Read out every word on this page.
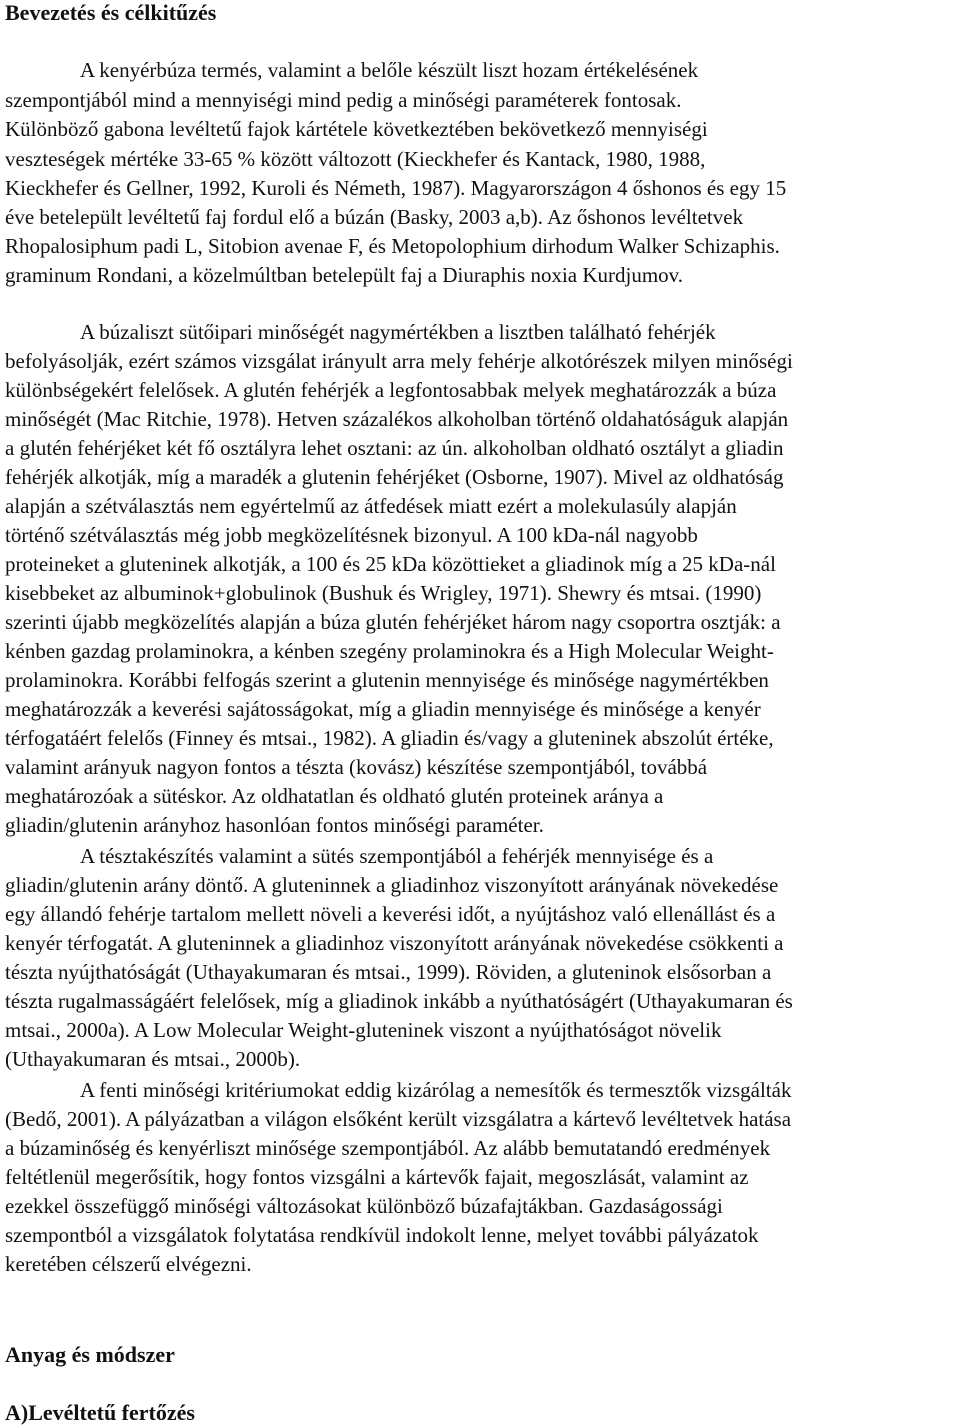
Bevezetés és célkitűzés
A kenyérbúza termés, valamint a belőle készült liszt hozam értékelésének
szempontjából mind a mennyiségi mind pedig a minőségi paraméterek fontosak.
Különböző gabona levéltetű fajok kártétele következtében bekövetkező mennyiségi
veszteségek mértéke 33-65 % között változott (Kieckhefer és Kantack, 1980, 1988,
Kieckhefer és Gellner, 1992, Kuroli és Németh, 1987). Magyarországon 4 őshonos és egy 15
éve betelepült levéltetű faj fordul elő a búzán (Basky, 2003 a,b). Az őshonos levéltetvek
Rhopalosiphum padi L, Sitobion avenae F, és Metopolophium dirhodum Walker Schizaphis.
graminum Rondani, a közelmúltban betelepült faj a Diuraphis noxia Kurdjumov.
A búzaliszt sütőipari minőségét nagymértékben a lisztben található fehérjék
befolyásolják, ezért számos vizsgálat irányult arra mely fehérje alkotórészek milyen minőségi
különbségekért felelősek. A glutén fehérjék a legfontosabbak melyek meghatározzák a búza
minőségét (Mac Ritchie, 1978). Hetven százalékos alkoholban történő oldahatóságuk alapján
a glutén fehérjéket két fő osztályra lehet osztani: az ún. alkoholban oldható osztályt a gliadin
fehérjék alkotják, míg a maradék a glutenin fehérjéket (Osborne, 1907). Mivel az oldhatóság
alapján a szétválasztás nem egyértelmű az átfedések miatt ezért a molekulasúly alapján
történő szétválasztás még jobb megközelítésnek bizonyul. A 100 kDa-nál nagyobb
proteineket a gluteninek alkotják, a 100 és 25 kDa közöttieket a gliadinok míg a 25 kDa-nál
kisebbeket az albuminok+globulinok (Bushuk és Wrigley, 1971). Shewry és mtsai. (1990)
szerinti újabb megközelítés alapján a búza glutén fehérjéket három nagy csoportra osztják: a
kénben gazdag prolaminokra, a kénben szegény prolaminokra és a High Molecular Weight-
prolaminokra. Korábbi felfogás szerint a glutenin mennyisége és minősége nagymértékben
meghatározzák a keverési sajátosságokat, míg a gliadin mennyisége és minősége a kenyér
térfogatáért felelős (Finney és mtsai., 1982). A gliadin és/vagy a gluteninek abszolút értéke,
valamint arányuk nagyon fontos a tészta (kovász) készítése szempontjából, továbbá
meghatározóak a sütéskor. Az oldhatatlan és oldható glutén proteinek aránya a
gliadin/glutenin arányhoz hasonlóan fontos minőségi paraméter.
A tésztakészítés valamint a sütés szempontjából a fehérjék mennyisége és a
gliadin/glutenin arány döntő. A gluteninnek a gliadinhoz viszonyított arányának növekedése
egy állandó fehérje tartalom mellett növeli a keverési időt, a nyújtáshoz való ellenállást és a
kenyér térfogatát. A gluteninnek a gliadinhoz viszonyított arányának növekedése csökkenti a
tészta nyújthatóságát (Uthayakumaran és mtsai., 1999). Röviden, a gluteninok elsősorban a
tészta rugalmasságáért felelősek, míg a gliadinok inkább a nyúthatóságért (Uthayakumaran és
mtsai., 2000a). A Low Molecular Weight-gluteninek viszont a nyújthatóságot növelik
(Uthayakumaran és mtsai., 2000b).
A fenti minőségi kritériumokat eddig kizárólag a nemesítők és termesztők vizsgálták
(Bedő, 2001). A pályázatban a világon elsőként került vizsgálatra a kártevő levéltetvek hatása
a búzaminőség és kenyérliszt minősége szempontjából. Az alább bemutatandó eredmények
feltétlenül megerősítik, hogy fontos vizsgálni a kártevők fajait, megoszlását, valamint az
ezekkel összefüggő minőségi változásokat különböző búzafajtákban. Gazdaságossági
szempontból a vizsgálatok folytatása rendkívül indokolt lenne, melyet további pályázatok
keretében célszerű elvégezni.
Anyag és módszer
A)Levéltetű fertőzés
